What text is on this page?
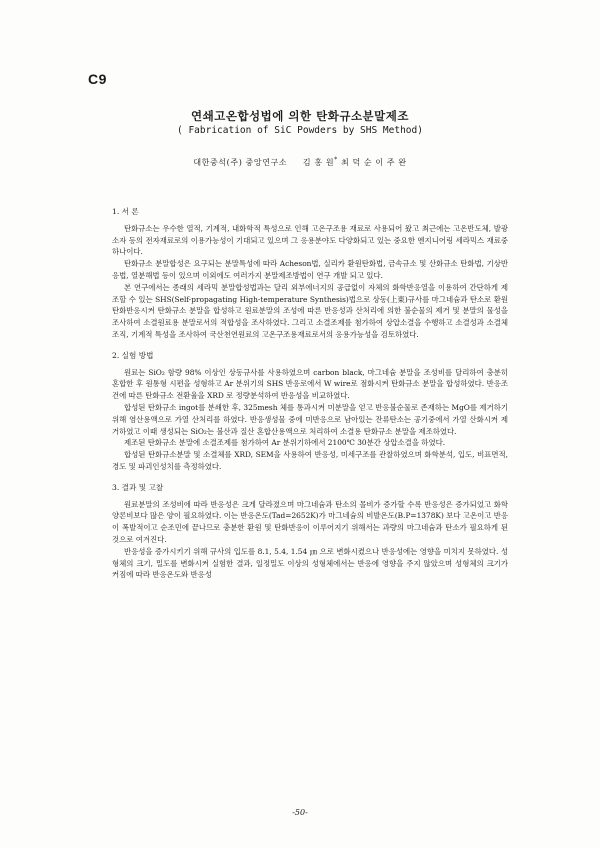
C9
연쇄고온합성법에 의한 탄화규소분말제조
( Fabrication of SiC Powders by SHS Method)
대한중석(주) 중앙연구소 김 홍 원* 최 덕 순 이 주 완

1. 서 론

탄화규소는 우수한 열적, 기계적, 내화학적 특성으로 인해 고온구조용 재료로 사용되어 왔고 최근에는 고온반도체, 발광소자 등의 전자재료로의 이용가능성이 기대되고 있으며 그 응용분야도 다양화되고 있는 중요한 엔지니어링 세라믹스 재료중 하나이다.

탄화규소 분말합성은 요구되는 분말특성에 따라 Acheson법, 실리카 환원탄화법, 금속규소 및 산화규소 탄화법, 기상반응법, 열분해법 등이 있으며 이외에도 여러가지 분말제조방법이 연구 개발 되고 있다.

본 연구에서는 종래의 세라믹 분말합성법과는 달리 외부에너지의 공급없이 자체의 화학반응열을 이용하여 간단하게 제조할 수 있는 SHS(Self-propagating High-temperature Synthesis)법으로 상동(上東)규사를 마그네슘과 탄소로 환원 탄화반응시켜 탄화규소 분말을 합성하고 원료분말의 조성에 따른 반응성과 산처리에 의한 불순물의 제거 및 분말의 물성을 조사하여 소결원료용 분말로서의 적합성을 조사하였다. 그리고 소결조제를 첨가하여 상압소결을 수행하고 소결성과 소결체조직, 기계적 특성을 조사하여 국산천연원료의 고온구조용재료로서의 응용가능성을 검토하였다.

2. 실험 방법

원료는 SiO₂ 함량 98% 이상인 상동규사를 사용하였으며 carbon black, 마그네슘 분말을 조성비를 달리하여 충분히 혼합한 후 원통형 시편을 성형하고 Ar 분위기의 SHS 반응로에서 W wire로 점화시켜 탄화규소 분말을 합성하였다. 반응조건에 따른 탄화규소 전환율을 XRD 로 정량분석하여 반응성을 비교하였다.

합성된 탄화규소 ingot를 분쇄한 후, 325mesh 체를 통과시켜 미분말을 얻고 반응불순물로 존재하는 MgO를 제거하기 위해 염산용액으로 가열 산처리를 하였다. 반응생성물 중에 미반응으로 남아있는 잔류탄소는 공기중에서 가열 산화시켜 제거하였고 이때 생성되는 SiO₂는 불산과 질산 혼합산용액으로 처리하여 소결용 탄화규소 분말을 제조하였다.

제조된 탄화규소 분말에 소결조제를 첨가하여 Ar 분위기하에서 2100℃ 30분간 상압소결을 하였다.

합성된 탄화규소분말 및 소결체를 XRD, SEM을 사용하여 반응성, 미세구조를 관찰하였으며 화학분석, 입도, 비표면적, 경도 및 파괴인성치를 측정하였다.

3. 결과 및 고찰

원료분말의 조성비에 따라 반응성은 크게 달라졌으며 마그네슘과 탄소의 몰비가 증가할 수록 반응성은 증가되었고 화학양론비보다 많은 양이 필요하였다. 이는 반응온도(Tad=2652K)가 마그네슘의 비발온도(B.P=1378K) 보다 고온이고 반응이 폭발적이고 순조민에 끝나므로 충분한 환원 및 탄화반응이 이루어지기 위해서는 과량의 마그네슘과 탄소가 필요하게 된 것으로 여겨진다.

반응성을 증가시키기 위해 규사의 입도를 8.1, 5.4, 1.54 ㎛ 으로 변화시켰으나 반응성에는 영향을 미치지 못하였다. 성형체의 크기, 밀도를 변화시켜 실험한 결과, 일정밀도 이상의 성형체에서는 반응에 영향을 주지 않았으며 성형체의 크기가 커짐에 따라 반응온도와 반응성

-50-
